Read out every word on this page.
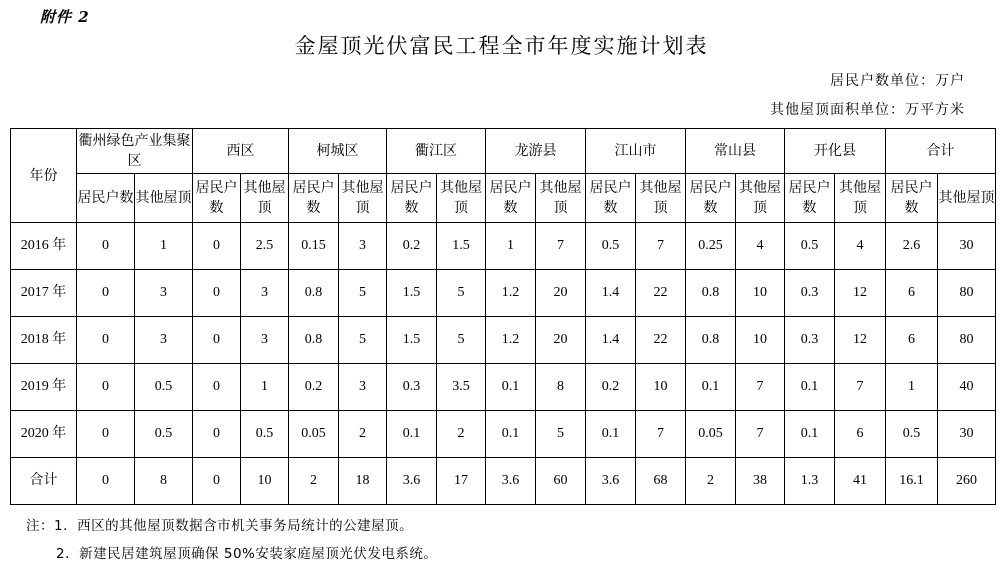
附件 2
金屋顶光伏富民工程全市年度实施计划表
居民户数单位：万户
其他屋顶面积单位：万平方米
年份	衢州绿色产业集聚区		西区		柯城区		衢江区		龙游县		江山市		常山县		开化县		合计	
	居民户数	其他屋顶	居民户数	其他屋顶	居民户数	其他屋顶	居民户数	其他屋顶	居民户数	其他屋顶	居民户数	其他屋顶	居民户数	其他屋顶	居民户数	其他屋顶	居民户数	其他屋顶
2016 年	0	1	0	2.5	0.15	3	0.2	1.5	1	7	0.5	7	0.25	4	0.5	4	2.6	30
2017 年	0	3	0	3	0.8	5	1.5	5	1.2	20	1.4	22	0.8	10	0.3	12	6	80
2018 年	0	3	0	3	0.8	5	1.5	5	1.2	20	1.4	22	0.8	10	0.3	12	6	80
2019 年	0	0.5	0	1	0.2	3	0.3	3.5	0.1	8	0.2	10	0.1	7	0.1	7	1	40
2020 年	0	0.5	0	0.5	0.05	2	0.1	2	0.1	5	0.1	7	0.05	7	0.1	6	0.5	30
合计	0	8	0	10	2	18	3.6	17	3.6	60	3.6	68	2	38	1.3	41	16.1	260
注：1．西区的其他屋顶数据含市机关事务局统计的公建屋顶。
2．新建民居建筑屋顶确保 50%安装家庭屋顶光伏发电系统。
